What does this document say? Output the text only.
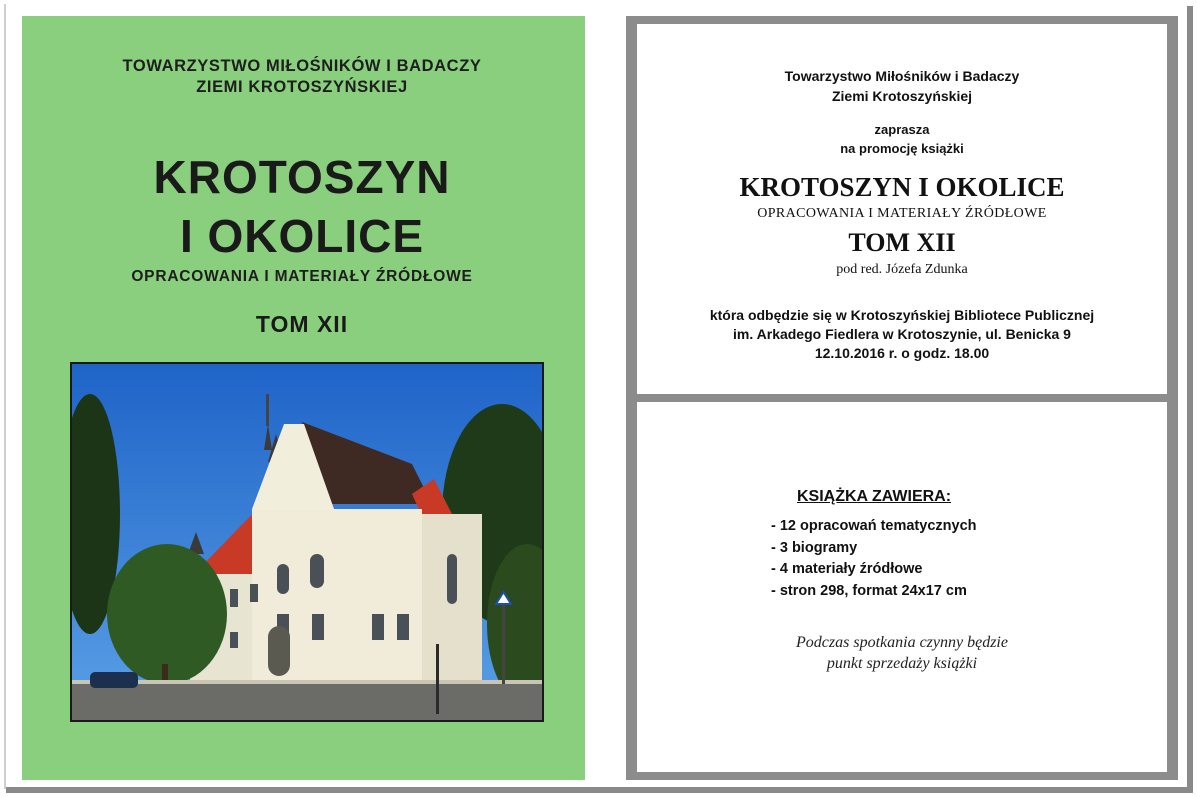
TOWARZYSTWO MIŁOŚNIKÓW I BADACZY
ZIEMI KROTOSZYŃSKIEJ
KROTOSZYN
I OKOLICE
OPRACOWANIA I MATERIAŁY ŹRÓDŁOWE
TOM XII
Towarzystwo Miłośników i Badaczy
Ziemi Krotoszyńskiej
zaprasza
na promocję książki
KROTOSZYN I OKOLICE
OPRACOWANIA I MATERIAŁY ŹRÓDŁOWE
TOM XII
pod red. Józefa Zdunka
która odbędzie się w Krotoszyńskiej Bibliotece Publicznej
im. Arkadego Fiedlera w Krotoszynie, ul. Benicka 9
12.10.2016 r. o godz. 18.00
KSIĄŻKA ZAWIERA:
- 12 opracowań tematycznych
- 3 biogramy
- 4 materiały źródłowe
- stron 298, format 24x17 cm
Podczas spotkania czynny będzie
punkt sprzedaży książki
